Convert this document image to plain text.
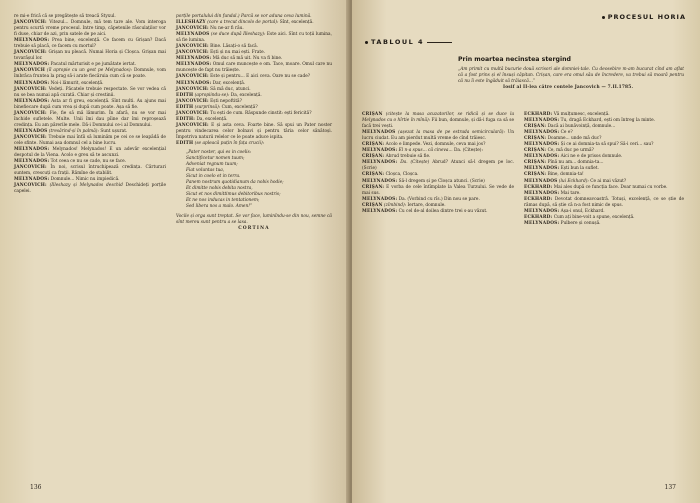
re mi-e frică că se pregătește să treacă Styxul.

JANCOVICH: Vitezul... Domnule, mă tem tare ale. Vom interoga pentru scurtă vreme procesul. Intre timp, căpetenile răsculaților vor fi duse, chiar de azi, prin satele de pe aici.

MELYNADOS: Prea bine, excelență. Ce facem cu Grișan? Dacă trebuie să placă, ce facem cu mortul?

JANCOVICH: Grișan nu pleacă. Numai Horia și Cloșca. Grișan mai tovarășul lor.

MELYNADOS: Pacatul mărturisit e pe jumătate iertat.

JANCOVICH (îl apropie cu un gest pe Melynados): Domnule, vom îmbrăca fruntea la prag să-i arate fiecăruia cum că se poate.

MELYNADOS: Noi-i lămurit, excelență.

JANCOVICH: Vedeți. Păcatele trebuie respectate. Se vor vedea că nu se bea numai apă curată. Chiar și crestinii.

MELYNADOS: Asta ar fi greu, excelență. Sînt multi. Au ajuns mai binefiecare după cum vrea și după cum poate. Așa să fie.

JANCOVICH: Fie, fie să mă lămurim. În afară, nu se vor mai închide sufletele. Multe. Unii îmi dau pîine dar îmi reproșează credința. Eu am părerile mele. Dă-i Domnului ce-i al Domnului.

MELYNADOS (tresărind-și în palmă): Sunt ușurat.

JANCOVICH: Trebuie mai întîi să luminăm pe cei ce se leapădă de cele sfinte. Numai asa domnul cel a bine lucru.

MELYNADOS: Melynados! Melynados! E un adevăr excelențial despotul de la Viena. Acolo e greu să te ascunzi.

MELYNADOS: Tot ceea ce nu se cade, nu se face.

JANCOVICH: În noi, scrisul întruchipează credința. Cărturari suntem, crescuți ca frații. Rămîne de stabilit.

MELYNADOS: Domnule... Nimic nu impiedică.

JANCOVICH: (Illeshazy și Melynados deschid Deschideți porțile capelei.

porțile portalului din fundal.) Parcă se vor aduna ceva lumină.

ILLESHAZY (care a trecut dincolo de portal): Sînt, excelență.

JANCOVICH: Nu ne-ar fi rău.

MELYNADOS (se duce după Illeshazy): Este aici. Sînt cu toții lumina, să fie lumina.

JANCOVICH: Bine. Lăsați-o să facă.

JANCOVICH: Ești și nu mai ești. Frate.

MELYNADOS: Mă duc să mă uit. Nu va fi bine.

MELYNADOS: Omul care muncește e om. Tace, moare. Omul care nu muncește de fapt nu trăiește.

JANCOVICH: Este și pentru... E aici ceva. Oare nu se cade?

MELYNADOS: Dar, excelență.

JANCOVICH: Să mă duc, atunci.

EDITH (apropiindu-se): Da, excelență.

JANCOVICH: Ești nepoftită?

EDITH (surprinsă): Cum, excelență?

JANCOVICH: Tu ești de cum. Răspunde cinstit: ești fericită?

EDITH: Da, excelență.

JANCOVICH: E și asta ceva. Foarte bine. Să spui un Pater noster pentru vindecarea celor bolnavi și pentru tăria celor sănătoși. Împotriva naturii relelor ce le poate aduce ispita.

EDITH (se apleacă puțin în fața crucii):

„Pater noster, qui es in coelis:

Sanctificetur nomen tuum;

Adveniat regnum tuum;

Fiat voluntas tua,

Sicut in coelo et in terra.

Panem nostrum quotidianum da nobis hodie;

Et dimitte nobis debita nostra,

Sicut et nos dimittimus debitoribus nostris;

Et ne nos inducas in tentationem;

Sed libera nos a malo. Amen!”

Vocile și orga sunt treptat. Se vor face, luminîndu-se din nou, semne că sînt mereu sunt pentru a se lasa.

CORTINA

136
PROCESUL HORIA
TABLOUL 4
Prin moartea necinstea stergind

„Am primit cu multă bucurie două scrisori ale domniei-tale. Cu deosebire m-am bucurat cînd am aflat că a fost prins și el însuși căpitan. Crișan, care era omul său de încredere, va trebui să moară pentru că nu îi este îngăduit să trăiască...”

Iosif al II-lea către contele Jancovich — 7.II.1785.

CRIȘAN (citește la masa acuzatorilor, se ridică și se duce la Melynados cu o hîrtie în mînă): Fii bun, domnule, și dă-i fuga ca să se facă trei vești.

MELYNADOS (așezat la masa de pe estrada semicirculară): Un lucru ciudat. Eu am pierdut multă vreme de cînd trăiesc.

CRIȘAN: Acolo e limpede. Vezi, domnule, ceva mai jos?

MELYNADOS: El n-a spus... că cineva... Da. (Citește):

CRIȘAN: Abrud trebuie să fie.

MELYNADOS: Da. (Citește) Abrud? Atunci să-l dregem pe loc. (Scrie)

CRIȘAN: Cloșca, Cloșca.

MELYNADOS: Să-l dregem și pe Cloșca atunci. (Scrie)

CRIȘAN: E vorba de cele întîmplate la Valea Turzului. Se vede de mai sus.

MELYNADOS: Da. (Vorbind cu rîs.) Din nou se pare.

CRIȘAN (zîmbind): Iertare, domnule.

MELYNADOS: Cu cel de-al doilea dintre trei s-au văzut.

ECKHARD: Vă mulțumesc, excelență.

MELYNADOS: Tu, dragă Eckhard, ești om întreg la minte.

CRIȘAN: Dacă ai bunăvoință, domnule...

MELYNADOS: Ce e?

CRIȘAN: Doamne... unde mă duc?

MELYNADOS: Și ce ai domnia-ta să spui? Să-i ceri... sau?

CRIȘAN: Ce, mă duc pe urmă?

MELYNADOS: Aici ne e de prisos domnule.

CRIȘAN: Pînă nu am... domnia-ta...

MELYNADOS: Ești bun la suflet.

CRIȘAN: Bine, domnia-ta!

MELYNADOS (lui Eckhard): Ce ai mai văzut?

ECKHARD: Mai ales după ce funcția face. Doar numai cu vorbe.

MELYNADOS: Mai tare.

ECKHARD: Devotat domneavoastră. Totuși, excelență, ce se știe de rămas după, să știe că n-a fost nimic de spus.

MELYNADOS: Așa-i onul, Eckhard.

ECKHARD: Cum ați bine-voit a spune, excelență.

MELYNADOS: Pulbere și cenușă.

137
